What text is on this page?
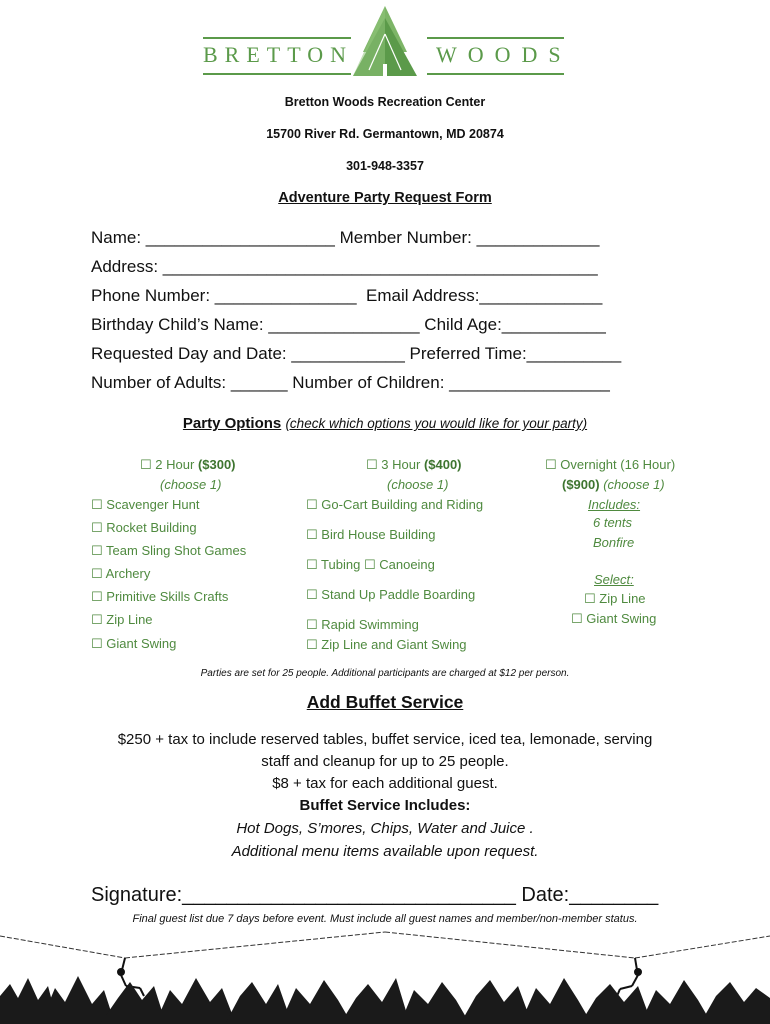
BRETTON	WOODS
Bretton Woods Recreation Center
15700 River Rd. Germantown, MD 20874
301-948-3357
Adventure Party Request Form
Name: ____________________ Member Number: _____________
Address: ______________________________________________
Phone Number: _______________  Email Address:_____________
Birthday Child’s Name: ________________ Child Age:___________
Requested Day and Date: ____________ Preferred Time:__________
Number of Adults: ______ Number of Children: _________________
Party Options (check which options you would like for your party)
☐ 2 Hour ($300)
(choose 1)
☐ Scavenger Hunt
☐ Rocket Building
☐ Team Sling Shot Games
☐ Archery
☐ Primitive Skills Crafts
☐ Zip Line
☐ Giant Swing
☐ 3 Hour ($400)
(choose 1)
☐ Go-Cart Building and Riding
☐ Bird House Building
☐ Tubing ☐ Canoeing
☐ Stand Up Paddle Boarding
☐ Rapid Swimming
☐ Zip Line and Giant Swing
☐ Overnight (16 Hour)
($900) (choose 1)
Includes:
6 tents
Bonfire
Select:
☐ Zip Line
☐ Giant Swing
Parties are set for 25 people. Additional participants are charged at $12 per person.
Add Buffet Service
$250 + tax to include reserved tables, buffet service, iced tea, lemonade, serving
staff and cleanup for up to 25 people.
$8 + tax for each additional guest.
Buffet Service Includes:
Hot Dogs, S’mores, Chips, Water and Juice .
Additional menu items available upon request.
Signature:______________________________ Date:________
Final guest list due 7 days before event. Must include all guest names and member/non-member status.
